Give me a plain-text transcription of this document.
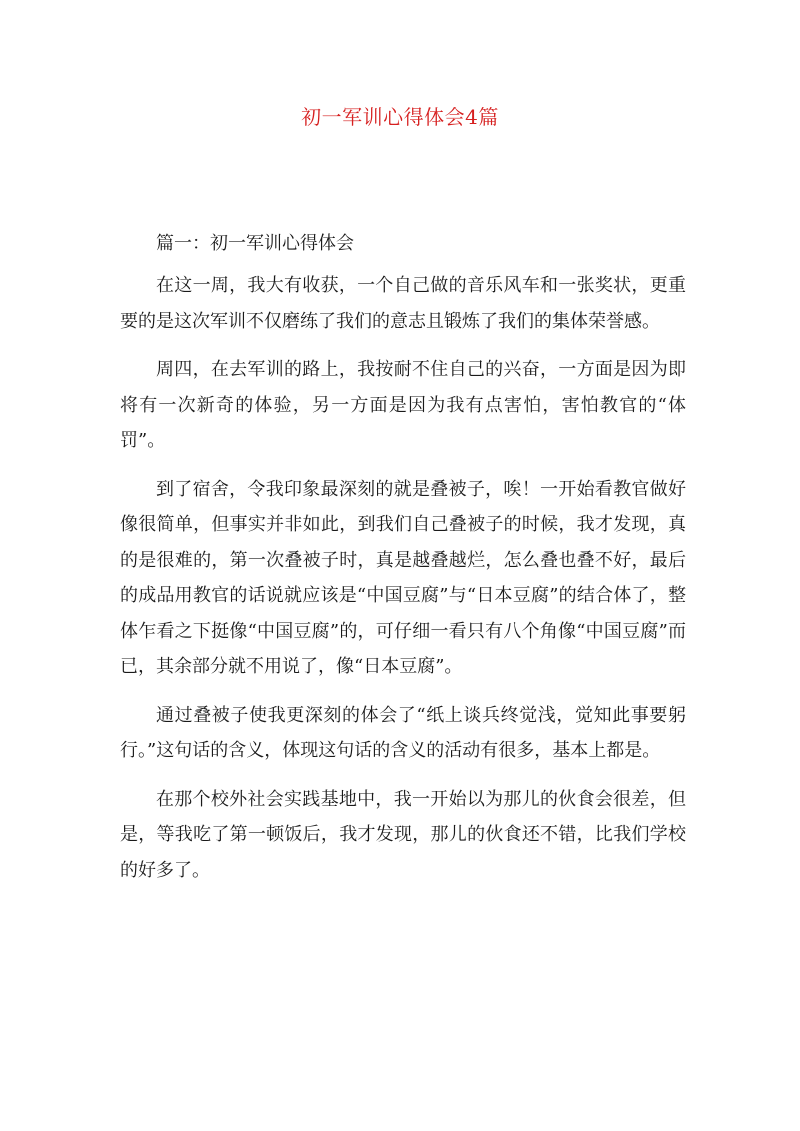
初一军训心得体会4篇

篇一：初一军训心得体会

在这一周，我大有收获，一个自己做的音乐风车和一张奖状，更重要的是这次军训不仅磨练了我们的意志且锻炼了我们的集体荣誉感。

周四，在去军训的路上，我按耐不住自己的兴奋，一方面是因为即将有一次新奇的体验，另一方面是因为我有点害怕，害怕教官的“体罚”。

到了宿舍，令我印象最深刻的就是叠被子，唉！一开始看教官做好像很简单，但事实并非如此，到我们自己叠被子的时候，我才发现，真的是很难的，第一次叠被子时，真是越叠越烂，怎么叠也叠不好，最后的成品用教官的话说就应该是“中国豆腐”与“日本豆腐”的结合体了，整体乍看之下挺像“中国豆腐”的，可仔细一看只有八个角像“中国豆腐”而已，其余部分就不用说了，像“日本豆腐”。

通过叠被子使我更深刻的体会了“纸上谈兵终觉浅，觉知此事要躬行。”这句话的含义，体现这句话的含义的活动有很多，基本上都是。

在那个校外社会实践基地中，我一开始以为那儿的伙食会很差，但是，等我吃了第一顿饭后，我才发现，那儿的伙食还不错，比我们学校的好多了。
